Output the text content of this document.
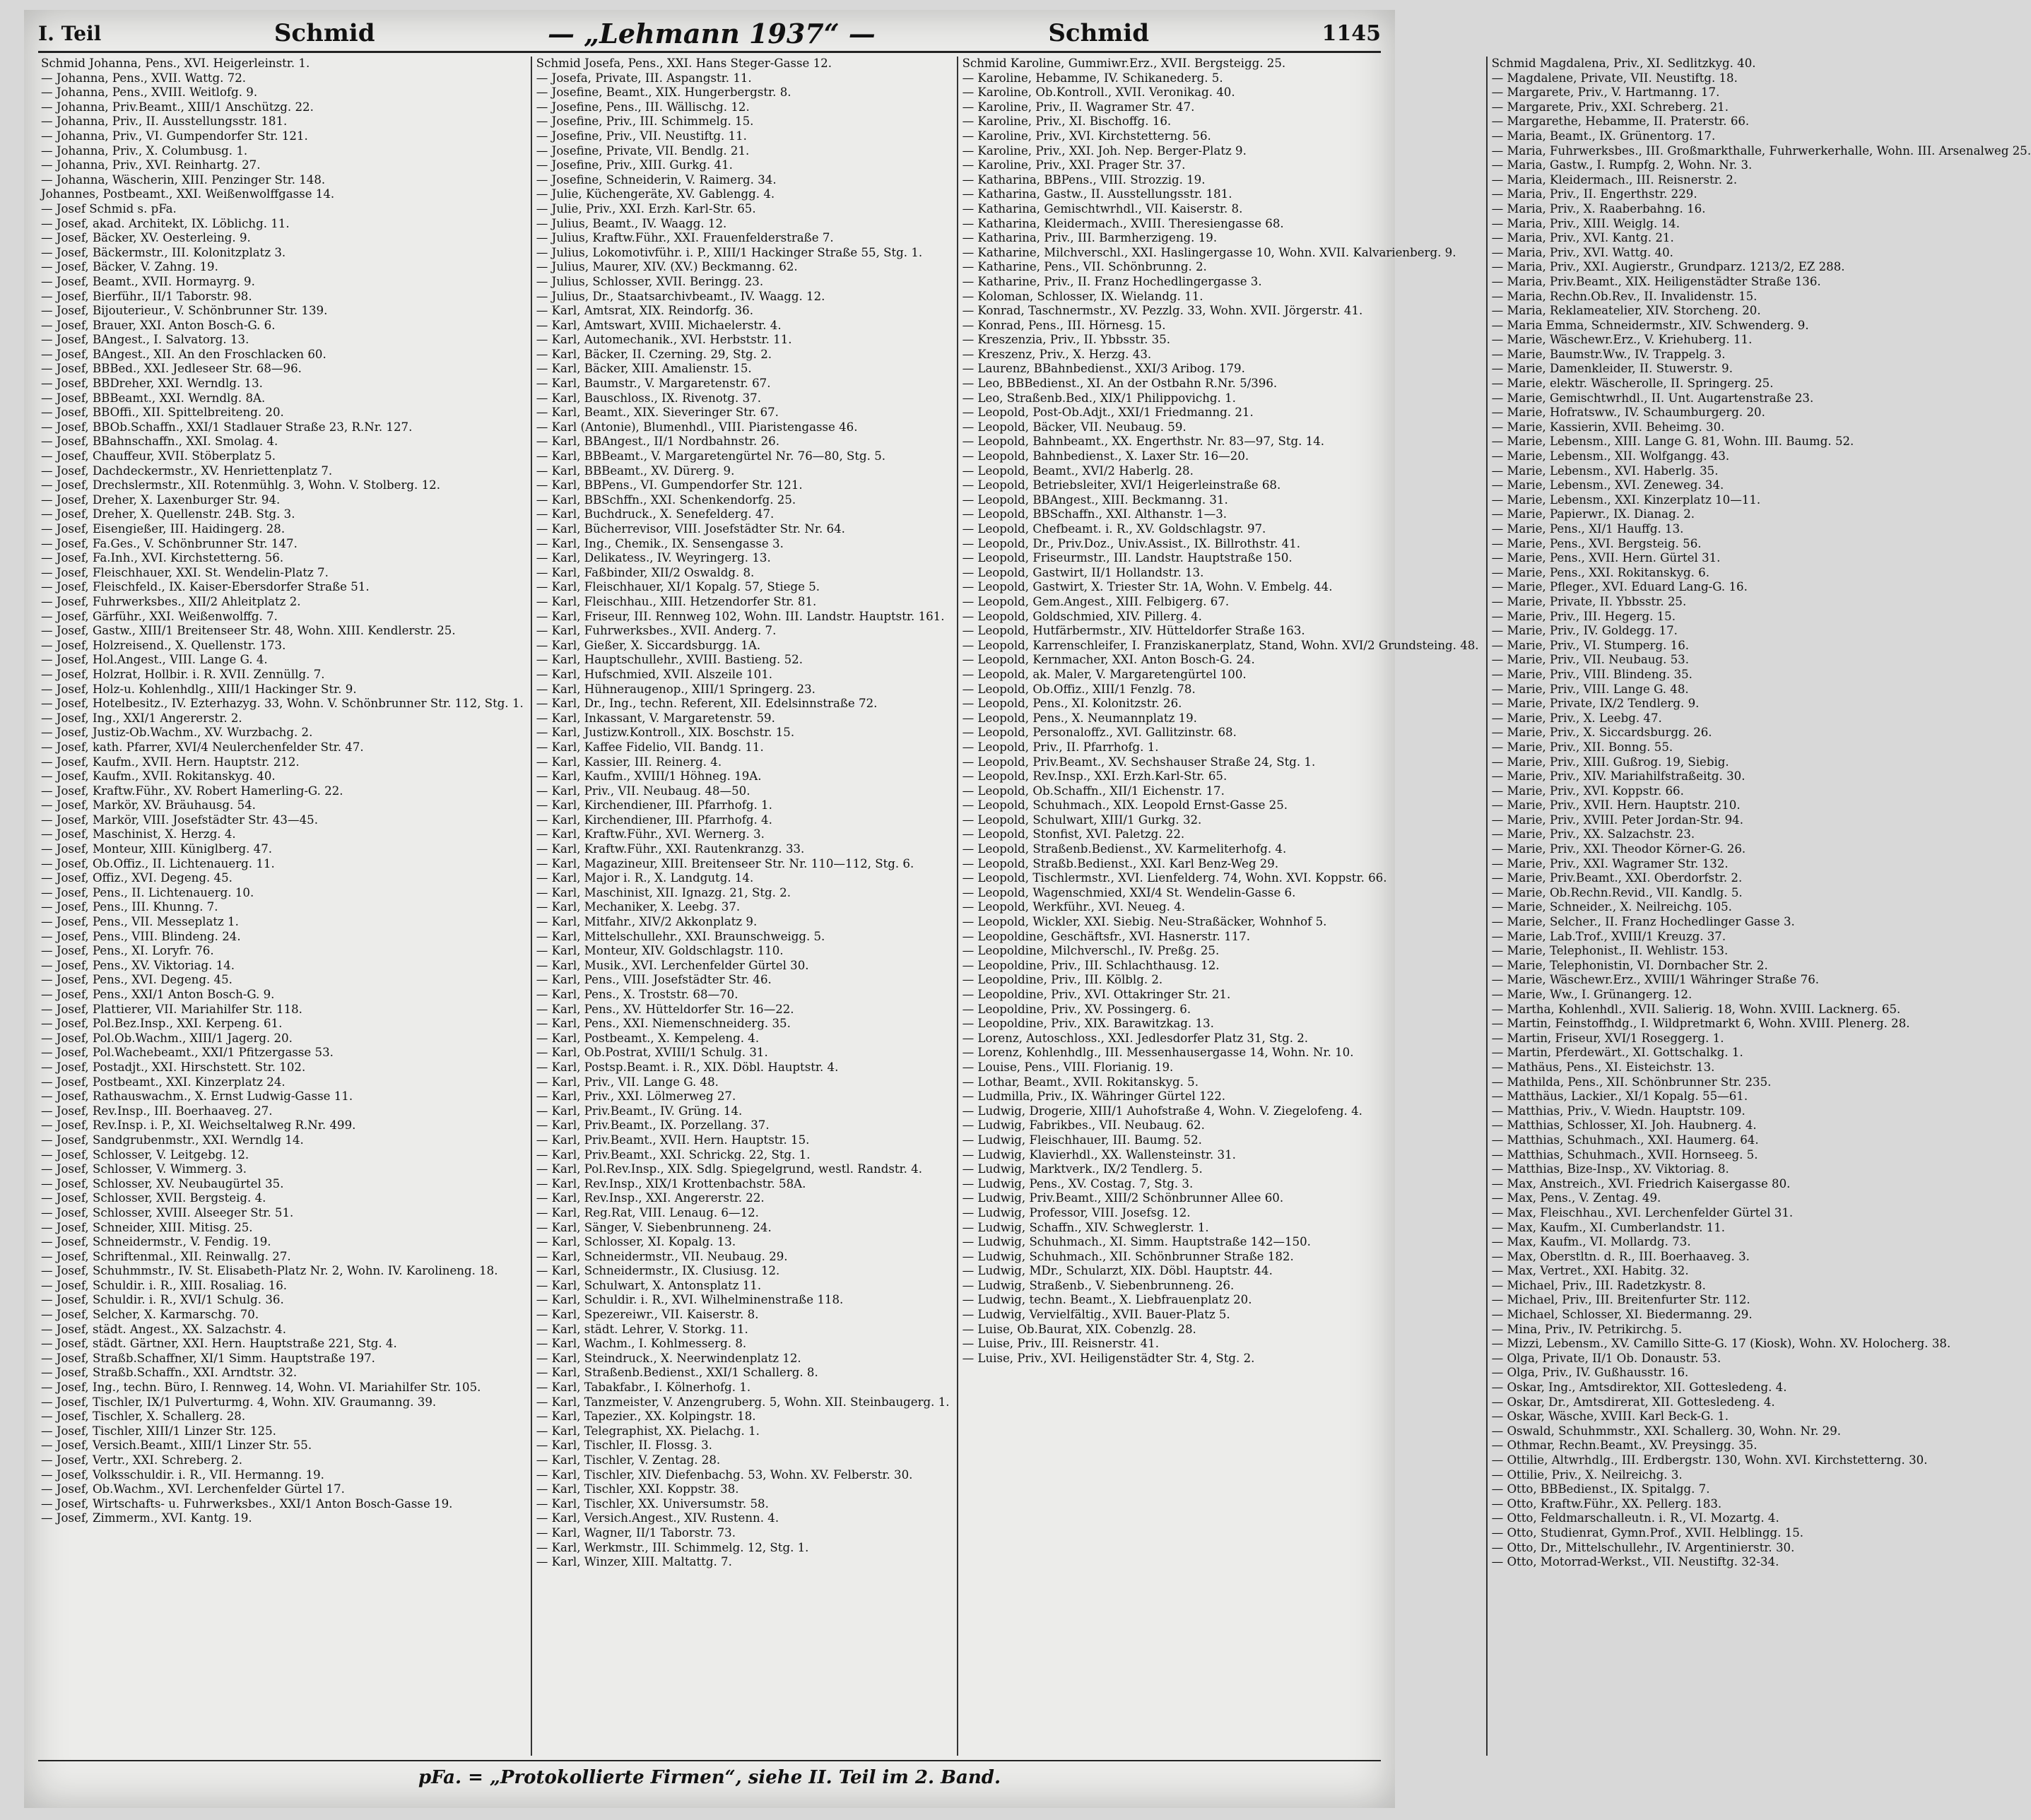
I. Teil	Schmid	— „Lehmann 1937“ —	Schmid	1145

Schmid Johanna, Pens., XVI. Heigerleinstr. 1.

— Johanna, Pens., XVII. Wattg. 72.

— Johanna, Pens., XVIII. Weitlofg. 9.

— Johanna, Priv.Beamt., XIII/1 Anschützg. 22.

— Johanna, Priv., II. Ausstellungsstr. 181.

— Johanna, Priv., VI. Gumpendorfer Str. 121.

— Johanna, Priv., X. Columbusg. 1.

— Johanna, Priv., XVI. Reinhartg. 27.

— Johanna, Wäscherin, XIII. Penzinger Str. 148.

Johannes, Postbeamt., XXI. Weißenwolffgasse 14.

— Josef Schmid s. pFa.

— Josef, akad. Architekt, IX. Löblichg. 11.

— Josef, Bäcker, XV. Oesterleing. 9.

— Josef, Bäckermstr., III. Kolonitzplatz 3.

— Josef, Bäcker, V. Zahng. 19.

— Josef, Beamt., XVII. Hormayrg. 9.

— Josef, Bierführ., II/1 Taborstr. 98.

— Josef, Bijouterieur., V. Schönbrunner Str. 139.

— Josef, Brauer, XXI. Anton Bosch-G. 6.

— Josef, BAngest., I. Salvatorg. 13.

— Josef, BAngest., XII. An den Froschlacken 60.

— Josef, BBBed., XXI. Jedleseer Str. 68—96.

— Josef, BBDreher, XXI. Werndlg. 13.

— Josef, BBBeamt., XXI. Werndlg. 8A.

— Josef, BBOffi., XII. Spittelbreiteng. 20.

— Josef, BBOb.Schaffn., XXI/1 Stadlauer Straße 23, R.Nr. 127.

— Josef, BBahnschaffn., XXI. Smolag. 4.

— Josef, Chauffeur, XVII. Stöberplatz 5.

— Josef, Dachdeckermstr., XV. Henriettenplatz 7.

— Josef, Drechslermstr., XII. Rotenmühlg. 3, Wohn. V. Stolberg. 12.

— Josef, Dreher, X. Laxenburger Str. 94.

— Josef, Dreher, X. Quellenstr. 24B. Stg. 3.

— Josef, Eisengießer, III. Haidingerg. 28.

— Josef, Fa.Ges., V. Schönbrunner Str. 147.

— Josef, Fa.Inh., XVI. Kirchstetterng. 56.

— Josef, Fleischhauer, XXI. St. Wendelin-Platz 7.

— Josef, Fleischfeld., IX. Kaiser-Ebersdorfer Straße 51.

— Josef, Fuhrwerksbes., XII/2 Ahleitplatz 2.

— Josef, Gärführ., XXI. Weißenwolffg. 7.

— Josef, Gastw., XIII/1 Breitenseer Str. 48, Wohn. XIII. Kendlerstr. 25.

— Josef, Holzreisend., X. Quellenstr. 173.

— Josef, Hol.Angest., VIII. Lange G. 4.

— Josef, Holzrat, Hollbir. i. R. XVII. Zennüllg. 7.

— Josef, Holz-u. Kohlenhdlg., XIII/1 Hackinger Str. 9.

— Josef, Hotelbesitz., IV. Ezterhazyg. 33, Wohn. V. Schönbrunner Str. 112, Stg. 1.

— Josef, Ing., XXI/1 Angererstr. 2.

— Josef, Justiz-Ob.Wachm., XV. Wurzbachg. 2.

— Josef, kath. Pfarrer, XVI/4 Neulerchenfelder Str. 47.

— Josef, Kaufm., XVII. Hern. Hauptstr. 212.

— Josef, Kaufm., XVII. Rokitanskyg. 40.

— Josef, Kraftw.Führ., XV. Robert Hamerling-G. 22.

— Josef, Markör, XV. Bräuhausg. 54.

— Josef, Markör, VIII. Josefstädter Str. 43—45.

— Josef, Maschinist, X. Herzg. 4.

— Josef, Monteur, XIII. Küniglberg. 47.

— Josef, Ob.Offiz., II. Lichtenauerg. 11.

— Josef, Offiz., XVI. Degeng. 45.

— Josef, Pens., II. Lichtenauerg. 10.

— Josef, Pens., III. Khunng. 7.

— Josef, Pens., VII. Messeplatz 1.

— Josef, Pens., VIII. Blindeng. 24.

— Josef, Pens., XI. Loryfr. 76.

— Josef, Pens., XV. Viktoriag. 14.

— Josef, Pens., XVI. Degeng. 45.

— Josef, Pens., XXI/1 Anton Bosch-G. 9.

— Josef, Plattierer, VII. Mariahilfer Str. 118.

— Josef, Pol.Bez.Insp., XXI. Kerpeng. 61.

— Josef, Pol.Ob.Wachm., XIII/1 Jagerg. 20.

— Josef, Pol.Wachebeamt., XXI/1 Pfitzergasse 53.

— Josef, Postadjt., XXI. Hirschstett. Str. 102.

— Josef, Postbeamt., XXI. Kinzerplatz 24.

— Josef, Rathauswachm., X. Ernst Ludwig-Gasse 11.

— Josef, Rev.Insp., III. Boerhaaveg. 27.

— Josef, Rev.Insp. i. P., XI. Weichseltalweg R.Nr. 499.

— Josef, Sandgrubenmstr., XXI. Werndlg 14.

— Josef, Schlosser, V. Leitgebg. 12.

— Josef, Schlosser, V. Wimmerg. 3.

— Josef, Schlosser, XV. Neubaugürtel 35.

— Josef, Schlosser, XVII. Bergsteig. 4.

— Josef, Schlosser, XVIII. Alseeger Str. 51.

— Josef, Schneider, XIII. Mitisg. 25.

— Josef, Schneidermstr., V. Fendig. 19.

— Josef, Schriftenmal., XII. Reinwallg. 27.

— Josef, Schuhmmstr., IV. St. Elisabeth-Platz Nr. 2, Wohn. IV. Karolineng. 18.

— Josef, Schuldir. i. R., XIII. Rosaliag. 16.

— Josef, Schuldir. i. R., XVI/1 Schulg. 36.

— Josef, Selcher, X. Karmarschg. 70.

— Josef, städt. Angest., XX. Salzachstr. 4.

— Josef, städt. Gärtner, XXI. Hern. Hauptstraße 221, Stg. 4.

— Josef, Straßb.Schaffner, XI/1 Simm. Hauptstraße 197.

— Josef, Straßb.Schaffn., XXI. Arndtstr. 32.

— Josef, Ing., techn. Büro, I. Rennweg. 14, Wohn. VI. Mariahilfer Str. 105.

— Josef, Tischler, IX/1 Pulverturmg. 4, Wohn. XIV. Graumanng. 39.

— Josef, Tischler, X. Schallerg. 28.

— Josef, Tischler, XIII/1 Linzer Str. 125.

— Josef, Versich.Beamt., XIII/1 Linzer Str. 55.

— Josef, Vertr., XXI. Schreberg. 2.

— Josef, Volksschuldir. i. R., VII. Hermanng. 19.

— Josef, Ob.Wachm., XVI. Lerchenfelder Gürtel 17.

— Josef, Wirtschafts- u. Fuhrwerksbes., XXI/1 Anton Bosch-Gasse 19.

— Josef, Zimmerm., XVI. Kantg. 19.

Schmid Josefa, Pens., XXI. Hans Steger-Gasse 12.

— Josefa, Private, III. Aspangstr. 11.

— Josefine, Beamt., XIX. Hungerbergstr. 8.

— Josefine, Pens., III. Wällischg. 12.

— Josefine, Priv., III. Schimmelg. 15.

— Josefine, Priv., VII. Neustiftg. 11.

— Josefine, Private, VII. Bendlg. 21.

— Josefine, Priv., XIII. Gurkg. 41.

— Josefine, Schneiderin, V. Raimerg. 34.

— Julie, Küchengeräte, XV. Gablengg. 4.

— Julie, Priv., XXI. Erzh. Karl-Str. 65.

— Julius, Beamt., IV. Waagg. 12.

— Julius, Kraftw.Führ., XXI. Frauenfelderstraße 7.

— Julius, Lokomotivführ. i. P., XIII/1 Hackinger Straße 55, Stg. 1.

— Julius, Maurer, XIV. (XV.) Beckmanng. 62.

— Julius, Schlosser, XVII. Beringg. 23.

— Julius, Dr., Staatsarchivbeamt., IV. Waagg. 12.

— Karl, Amtsrat, XIX. Reindorfg. 36.

— Karl, Amtswart, XVIII. Michaelerstr. 4.

— Karl, Automechanik., XVI. Herbststr. 11.

— Karl, Bäcker, II. Czerning. 29, Stg. 2.

— Karl, Bäcker, XIII. Amalienstr. 15.

— Karl, Baumstr., V. Margaretenstr. 67.

— Karl, Bauschloss., IX. Rivenotg. 37.

— Karl, Beamt., XIX. Sieveringer Str. 67.

— Karl (Antonie), Blumenhdl., VIII. Piaristengasse 46.

— Karl, BBAngest., II/1 Nordbahnstr. 26.

— Karl, BBBeamt., V. Margaretengürtel Nr. 76—80, Stg. 5.

— Karl, BBBeamt., XV. Dürerg. 9.

— Karl, BBPens., VI. Gumpendorfer Str. 121.

— Karl, BBSchffn., XXI. Schenkendorfg. 25.

— Karl, Buchdruck., X. Senefelderg. 47.

— Karl, Bücherrevisor, VIII. Josefstädter Str. Nr. 64.

— Karl, Ing., Chemik., IX. Sensengasse 3.

— Karl, Delikatess., IV. Weyringerg. 13.

— Karl, Faßbinder, XII/2 Oswaldg. 8.

— Karl, Fleischhauer, XI/1 Kopalg. 57, Stiege 5.

— Karl, Fleischhau., XIII. Hetzendorfer Str. 81.

— Karl, Friseur, III. Rennweg 102, Wohn. III. Landstr. Hauptstr. 161.

— Karl, Fuhrwerksbes., XVII. Anderg. 7.

— Karl, Gießer, X. Siccardsburgg. 1A.

— Karl, Hauptschullehr., XVIII. Bastieng. 52.

— Karl, Hufschmied, XVII. Alszeile 101.

— Karl, Hühneraugenop., XIII/1 Springerg. 23.

— Karl, Dr., Ing., techn. Referent, XII. Edelsinnstraße 72.

— Karl, Inkassant, V. Margaretenstr. 59.

— Karl, Justizw.Kontroll., XIX. Boschstr. 15.

— Karl, Kaffee Fidelio, VII. Bandg. 11.

— Karl, Kassier, III. Reinerg. 4.

— Karl, Kaufm., XVIII/1 Höhneg. 19A.

— Karl, Priv., VII. Neubaug. 48—50.

— Karl, Kirchendiener, III. Pfarrhofg. 1.

— Karl, Kirchendiener, III. Pfarrhofg. 4.

— Karl, Kraftw.Führ., XVI. Wernerg. 3.

— Karl, Kraftw.Führ., XXI. Rautenkranzg. 33.

— Karl, Magazineur, XIII. Breitenseer Str. Nr. 110—112, Stg. 6.

— Karl, Major i. R., X. Landgutg. 14.

— Karl, Maschinist, XII. Ignazg. 21, Stg. 2.

— Karl, Mechaniker, X. Leebg. 37.

— Karl, Mitfahr., XIV/2 Akkonplatz 9.

— Karl, Mittelschullehr., XXI. Braunschweigg. 5.

— Karl, Monteur, XIV. Goldschlagstr. 110.

— Karl, Musik., XVI. Lerchenfelder Gürtel 30.

— Karl, Pens., VIII. Josefstädter Str. 46.

— Karl, Pens., X. Troststr. 68—70.

— Karl, Pens., XV. Hütteldorfer Str. 16—22.

— Karl, Pens., XXI. Niemenschneiderg. 35.

— Karl, Postbeamt., X. Kempeleng. 4.

— Karl, Ob.Postrat, XVIII/1 Schulg. 31.

— Karl, Postsp.Beamt. i. R., XIX. Döbl. Hauptstr. 4.

— Karl, Priv., VII. Lange G. 48.

— Karl, Priv., XXI. Lölmerweg 27.

— Karl, Priv.Beamt., IV. Grüng. 14.

— Karl, Priv.Beamt., IX. Porzellang. 37.

— Karl, Priv.Beamt., XVII. Hern. Hauptstr. 15.

— Karl, Priv.Beamt., XXI. Schrickg. 22, Stg. 1.

— Karl, Pol.Rev.Insp., XIX. Sdlg. Spiegelgrund, westl. Randstr. 4.

— Karl, Rev.Insp., XIX/1 Krottenbachstr. 58A.

— Karl, Rev.Insp., XXI. Angererstr. 22.

— Karl, Reg.Rat, VIII. Lenaug. 6—12.

— Karl, Sänger, V. Siebenbrunneng. 24.

— Karl, Schlosser, XI. Kopalg. 13.

— Karl, Schneidermstr., VII. Neubaug. 29.

— Karl, Schneidermstr., IX. Clusiusg. 12.

— Karl, Schulwart, X. Antonsplatz 11.

— Karl, Schuldir. i. R., XVI. Wilhelminenstraße 118.

— Karl, Spezereiwr., VII. Kaiserstr. 8.

— Karl, städt. Lehrer, V. Storkg. 11.

— Karl, Wachm., I. Kohlmesserg. 8.

— Karl, Steindruck., X. Neerwindenplatz 12.

— Karl, Straßenb.Bedienst., XXI/1 Schallerg. 8.

— Karl, Tabakfabr., I. Kölnerhofg. 1.

— Karl, Tanzmeister, V. Anzengruberg. 5, Wohn. XII. Steinbaugerg. 1.

— Karl, Tapezier., XX. Kolpingstr. 18.

— Karl, Telegraphist, XX. Pielachg. 1.

— Karl, Tischler, II. Flossg. 3.

— Karl, Tischler, V. Zentag. 28.

— Karl, Tischler, XIV. Diefenbachg. 53, Wohn. XV. Felberstr. 30.

— Karl, Tischler, XXI. Koppstr. 38.

— Karl, Tischler, XX. Universumstr. 58.

— Karl, Versich.Angest., XIV. Rustenn. 4.

— Karl, Wagner, II/1 Taborstr. 73.

— Karl, Werkmstr., III. Schimmelg. 12, Stg. 1.

— Karl, Winzer, XIII. Maltattg. 7.

Schmid Karoline, Gummiwr.Erz., XVII. Bergsteigg. 25.

— Karoline, Hebamme, IV. Schikanederg. 5.

— Karoline, Ob.Kontroll., XVII. Veronikag. 40.

— Karoline, Priv., II. Wagramer Str. 47.

— Karoline, Priv., XI. Bischoffg. 16.

— Karoline, Priv., XVI. Kirchstetterng. 56.

— Karoline, Priv., XXI. Joh. Nep. Berger-Platz 9.

— Karoline, Priv., XXI. Prager Str. 37.

— Katharina, BBPens., VIII. Strozzig. 19.

— Katharina, Gastw., II. Ausstellungsstr. 181.

— Katharina, Gemischtwrhdl., VII. Kaiserstr. 8.

— Katharina, Kleidermach., XVIII. Theresiengasse 68.

— Katharina, Priv., III. Barmherzigeng. 19.

— Katharine, Milchverschl., XXI. Haslingergasse 10, Wohn. XVII. Kalvarienberg. 9.

— Katharine, Pens., VII. Schönbrunng. 2.

— Katharine, Priv., II. Franz Hochedlingergasse 3.

— Koloman, Schlosser, IX. Wielandg. 11.

— Konrad, Taschnermstr., XV. Pezzlg. 33, Wohn. XVII. Jörgerstr. 41.

— Konrad, Pens., III. Hörnesg. 15.

— Kreszenzia, Priv., II. Ybbsstr. 35.

— Kreszenz, Priv., X. Herzg. 43.

— Laurenz, BBahnbedienst., XXI/3 Aribog. 179.

— Leo, BBBedienst., XI. An der Ostbahn R.Nr. 5/396.

— Leo, Straßenb.Bed., XIX/1 Philippovichg. 1.

— Leopold, Post-Ob.Adjt., XXI/1 Friedmanng. 21.

— Leopold, Bäcker, VII. Neubaug. 59.

— Leopold, Bahnbeamt., XX. Engerthstr. Nr. 83—97, Stg. 14.

— Leopold, Bahnbedienst., X. Laxer Str. 16—20.

— Leopold, Beamt., XVI/2 Haberlg. 28.

— Leopold, Betriebsleiter, XVI/1 Heigerleinstraße 68.

— Leopold, BBAngest., XIII. Beckmanng. 31.

— Leopold, BBSchaffn., XXI. Althanstr. 1—3.

— Leopold, Chefbeamt. i. R., XV. Goldschlagstr. 97.

— Leopold, Dr., Priv.Doz., Univ.Assist., IX. Billrothstr. 41.

— Leopold, Friseurmstr., III. Landstr. Hauptstraße 150.

— Leopold, Gastwirt, II/1 Hollandstr. 13.

— Leopold, Gastwirt, X. Triester Str. 1A, Wohn. V. Embelg. 44.

— Leopold, Gem.Angest., XIII. Felbigerg. 67.

— Leopold, Goldschmied, XIV. Pillerg. 4.

— Leopold, Hutfärbermstr., XIV. Hütteldorfer Straße 163.

— Leopold, Karrenschleifer, I. Franziskanerplatz, Stand, Wohn. XVI/2 Grundsteing. 48.

— Leopold, Kernmacher, XXI. Anton Bosch-G. 24.

— Leopold, ak. Maler, V. Margaretengürtel 100.

— Leopold, Ob.Offiz., XIII/1 Fenzlg. 78.

— Leopold, Pens., XI. Kolonitzstr. 26.

— Leopold, Pens., X. Neumannplatz 19.

— Leopold, Personaloffz., XVI. Gallitzinstr. 68.

— Leopold, Priv., II. Pfarrhofg. 1.

— Leopold, Priv.Beamt., XV. Sechshauser Straße 24, Stg. 1.

— Leopold, Rev.Insp., XXI. Erzh.Karl-Str. 65.

— Leopold, Ob.Schaffn., XII/1 Eichenstr. 17.

— Leopold, Schuhmach., XIX. Leopold Ernst-Gasse 25.

— Leopold, Schulwart, XIII/1 Gurkg. 32.

— Leopold, Stonfist, XVI. Paletzg. 22.

— Leopold, Straßenb.Bedienst., XV. Karmeliterhofg. 4.

— Leopold, Straßb.Bedienst., XXI. Karl Benz-Weg 29.

— Leopold, Tischlermstr., XVI. Lienfelderg. 74, Wohn. XVI. Koppstr. 66.

— Leopold, Wagenschmied, XXI/4 St. Wendelin-Gasse 6.

— Leopold, Werkführ., XVI. Neueg. 4.

— Leopold, Wickler, XXI. Siebig. Neu-Straßäcker, Wohnhof 5.

— Leopoldine, Geschäftsfr., XVI. Hasnerstr. 117.

— Leopoldine, Milchverschl., IV. Preßg. 25.

— Leopoldine, Priv., III. Schlachthausg. 12.

— Leopoldine, Priv., III. Kölblg. 2.

— Leopoldine, Priv., XVI. Ottakringer Str. 21.

— Leopoldine, Priv., XV. Possingerg. 6.

— Leopoldine, Priv., XIX. Barawitzkag. 13.

— Lorenz, Autoschloss., XXI. Jedlesdorfer Platz 31, Stg. 2.

— Lorenz, Kohlenhdlg., III. Messenhausergasse 14, Wohn. Nr. 10.

— Louise, Pens., VIII. Florianig. 19.

— Lothar, Beamt., XVII. Rokitanskyg. 5.

— Ludmilla, Priv., IX. Währinger Gürtel 122.

— Ludwig, Drogerie, XIII/1 Auhofstraße 4, Wohn. V. Ziegelofeng. 4.

— Ludwig, Fabrikbes., VII. Neubaug. 62.

— Ludwig, Fleischhauer, III. Baumg. 52.

— Ludwig, Klavierhdl., XX. Wallensteinstr. 31.

— Ludwig, Marktverk., IX/2 Tendlerg. 5.

— Ludwig, Pens., XV. Costag. 7, Stg. 3.

— Ludwig, Priv.Beamt., XIII/2 Schönbrunner Allee 60.

— Ludwig, Professor, VIII. Josefsg. 12.

— Ludwig, Schaffn., XIV. Schweglerstr. 1.

— Ludwig, Schuhmach., XI. Simm. Hauptstraße 142—150.

— Ludwig, Schuhmach., XII. Schönbrunner Straße 182.

— Ludwig, MDr., Schularzt, XIX. Döbl. Hauptstr. 44.

— Ludwig, Straßenb., V. Siebenbrunneng. 26.

— Ludwig, techn. Beamt., X. Liebfrauenplatz 20.

— Ludwig, Vervielfältig., XVII. Bauer-Platz 5.

— Luise, Ob.Baurat, XIX. Cobenzlg. 28.

— Luise, Priv., III. Reisnerstr. 41.

— Luise, Priv., XVI. Heiligenstädter Str. 4, Stg. 2.

Schmid Magdalena, Priv., XI. Sedlitzkyg. 40.

— Magdalene, Private, VII. Neustiftg. 18.

— Margarete, Priv., V. Hartmanng. 17.

— Margarete, Priv., XXI. Schreberg. 21.

— Margarethe, Hebamme, II. Praterstr. 66.

— Maria, Beamt., IX. Grünentorg. 17.

— Maria, Fuhrwerksbes., III. Großmarkthalle, Fuhrwerkerhalle, Wohn. III. Arsenalweg 25.

— Maria, Gastw., I. Rumpfg. 2, Wohn. Nr. 3.

— Maria, Kleidermach., III. Reisnerstr. 2.

— Maria, Priv., II. Engerthstr. 229.

— Maria, Priv., X. Raaberbahng. 16.

— Maria, Priv., XIII. Weiglg. 14.

— Maria, Priv., XVI. Kantg. 21.

— Maria, Priv., XVI. Wattg. 40.

— Maria, Priv., XXI. Augierstr., Grundparz. 1213/2, EZ 288.

— Maria, Priv.Beamt., XIX. Heiligenstädter Straße 136.

— Maria, Rechn.Ob.Rev., II. Invalidenstr. 15.

— Maria, Reklameatelier, XIV. Storcheng. 20.

— Maria Emma, Schneidermstr., XIV. Schwenderg. 9.

— Marie, Wäschewr.Erz., V. Kriehuberg. 11.

— Marie, Baumstr.Ww., IV. Trappelg. 3.

— Marie, Damenkleider, II. Stuwerstr. 9.

— Marie, elektr. Wäscherolle, II. Springerg. 25.

— Marie, Gemischtwrhdl., II. Unt. Augartenstraße 23.

— Marie, Hofratsww., IV. Schaumburgerg. 20.

— Marie, Kassierin, XVII. Beheimg. 30.

— Marie, Lebensm., XIII. Lange G. 81, Wohn. III. Baumg. 52.

— Marie, Lebensm., XII. Wolfgangg. 43.

— Marie, Lebensm., XVI. Haberlg. 35.

— Marie, Lebensm., XVI. Zeneweg. 34.

— Marie, Lebensm., XXI. Kinzerplatz 10—11.

— Marie, Papierwr., IX. Dianag. 2.

— Marie, Pens., XI/1 Hauffg. 13.

— Marie, Pens., XVI. Bergsteig. 56.

— Marie, Pens., XVII. Hern. Gürtel 31.

— Marie, Pens., XXI. Rokitanskyg. 6.

— Marie, Pfleger., XVI. Eduard Lang-G. 16.

— Marie, Private, II. Ybbsstr. 25.

— Marie, Priv., III. Hegerg. 15.

— Marie, Priv., IV. Goldegg. 17.

— Marie, Priv., VI. Stumperg. 16.

— Marie, Priv., VII. Neubaug. 53.

— Marie, Priv., VIII. Blindeng. 35.

— Marie, Priv., VIII. Lange G. 48.

— Marie, Private, IX/2 Tendlerg. 9.

— Marie, Priv., X. Leebg. 47.

— Marie, Priv., X. Siccardsburgg. 26.

— Marie, Priv., XII. Bonng. 55.

— Marie, Priv., XIII. Gußrog. 19, Siebig.

— Marie, Priv., XIV. Mariahilfstraßeitg. 30.

— Marie, Priv., XVI. Koppstr. 66.

— Marie, Priv., XVII. Hern. Hauptstr. 210.

— Marie, Priv., XVIII. Peter Jordan-Str. 94.

— Marie, Priv., XX. Salzachstr. 23.

— Marie, Priv., XXI. Theodor Körner-G. 26.

— Marie, Priv., XXI. Wagramer Str. 132.

— Marie, Priv.Beamt., XXI. Oberdorfstr. 2.

— Marie, Ob.Rechn.Revid., VII. Kandlg. 5.

— Marie, Schneider., X. Neilreichg. 105.

— Marie, Selcher., II. Franz Hochedlinger Gasse 3.

— Marie, Lab.Trof., XVIII/1 Kreuzg. 37.

— Marie, Telephonist., II. Wehlistr. 153.

— Marie, Telephonistin, VI. Dornbacher Str. 2.

— Marie, Wäschewr.Erz., XVIII/1 Währinger Straße 76.

— Marie, Ww., I. Grünangerg. 12.

— Martha, Kohlenhdl., XVII. Salierig. 18, Wohn. XVIII. Lacknerg. 65.

— Martin, Feinstoffhdg., I. Wildpretmarkt 6, Wohn. XVIII. Plenerg. 28.

— Martin, Friseur, XVI/1 Roseggerg. 1.

— Martin, Pferdewärt., XI. Gottschalkg. 1.

— Mathäus, Pens., XI. Eisteichstr. 13.

— Mathilda, Pens., XII. Schönbrunner Str. 235.

— Matthäus, Lackier., XI/1 Kopalg. 55—61.

— Matthias, Priv., V. Wiedn. Hauptstr. 109.

— Matthias, Schlosser, XI. Joh. Haubnerg. 4.

— Matthias, Schuhmach., XXI. Haumerg. 64.

— Matthias, Schuhmach., XVII. Hornseeg. 5.

— Matthias, Bize-Insp., XV. Viktoriag. 8.

— Max, Anstreich., XVI. Friedrich Kaisergasse 80.

— Max, Pens., V. Zentag. 49.

— Max, Fleischhau., XVI. Lerchenfelder Gürtel 31.

— Max, Kaufm., XI. Cumberlandstr. 11.

— Max, Kaufm., VI. Mollardg. 73.

— Max, Oberstltn. d. R., III. Boerhaaveg. 3.

— Max, Vertret., XXI. Habitg. 32.

— Michael, Priv., III. Radetzkystr. 8.

— Michael, Priv., III. Breitenfurter Str. 112.

— Michael, Schlosser, XI. Biedermanng. 29.

— Mina, Priv., IV. Petrikirchg. 5.

— Mizzi, Lebensm., XV. Camillo Sitte-G. 17 (Kiosk), Wohn. XV. Holocherg. 38.

— Olga, Private, II/1 Ob. Donaustr. 53.

— Olga, Priv., IV. Gußhausstr. 16.

— Oskar, Ing., Amtsdirektor, XII. Gottesledeng. 4.

— Oskar, Dr., Amtsdirerat, XII. Gottesledeng. 4.

— Oskar, Wäsche, XVIII. Karl Beck-G. 1.

— Oswald, Schuhmmstr., XXI. Schallerg. 30, Wohn. Nr. 29.

— Othmar, Rechn.Beamt., XV. Preysingg. 35.

— Ottilie, Altwrhdlg., III. Erdbergstr. 130, Wohn. XVI. Kirchstetterng. 30.

— Ottilie, Priv., X. Neilreichg. 3.

— Otto, BBBedienst., IX. Spitalgg. 7.

— Otto, Kraftw.Führ., XX. Pellerg. 183.

— Otto, Feldmarschalleutn. i. R., VI. Mozartg. 4.

— Otto, Studienrat, Gymn.Prof., XVII. Helblingg. 15.

— Otto, Dr., Mittelschullehr., IV. Argentinierstr. 30.

— Otto, Motorrad-Werkst., VII. Neustiftg. 32-34.

pFa. = „Protokollierte Firmen“, siehe II. Teil im 2. Band.
